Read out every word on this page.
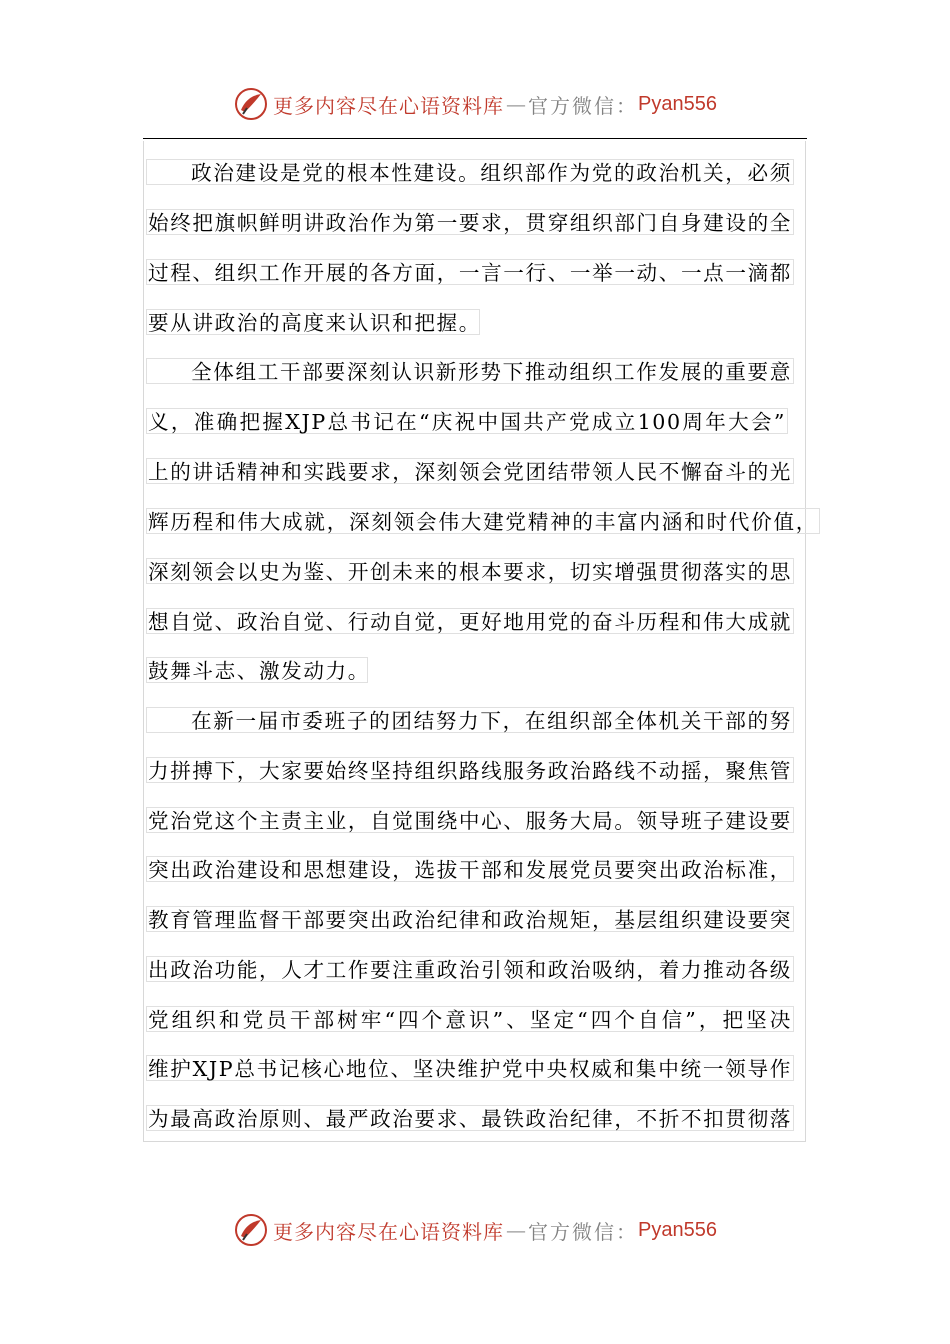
更多内容尽在心语资料库 — 官方微信： Pyan556
政治建设是党的根本性建设。组织部作为党的政治机关，必须
始终把旗帜鲜明讲政治作为第一要求，贯穿组织部门自身建设的全
过程、组织工作开展的各方面，一言一行、一举一动、一点一滴都
要从讲政治的高度来认识和把握。
全体组工干部要深刻认识新形势下推动组织工作发展的重要意
义，准确把握XJP总书记在“庆祝中国共产党成立100周年大会”
上的讲话精神和实践要求，深刻领会党团结带领人民不懈奋斗的光
辉历程和伟大成就，深刻领会伟大建党精神的丰富内涵和时代价值，
深刻领会以史为鉴、开创未来的根本要求，切实增强贯彻落实的思
想自觉、政治自觉、行动自觉，更好地用党的奋斗历程和伟大成就
鼓舞斗志、激发动力。
在新一届市委班子的团结努力下，在组织部全体机关干部的努
力拼搏下，大家要始终坚持组织路线服务政治路线不动摇，聚焦管
党治党这个主责主业，自觉围绕中心、服务大局。领导班子建设要
突出政治建设和思想建设，选拔干部和发展党员要突出政治标准，
教育管理监督干部要突出政治纪律和政治规矩，基层组织建设要突
出政治功能，人才工作要注重政治引领和政治吸纳，着力推动各级
党组织和党员干部树牢“四个意识”、坚定“四个自信”，把坚决
维护XJP总书记核心地位、坚决维护党中央权威和集中统一领导作
为最高政治原则、最严政治要求、最铁政治纪律，不折不扣贯彻落
更多内容尽在心语资料库 — 官方微信： Pyan556
